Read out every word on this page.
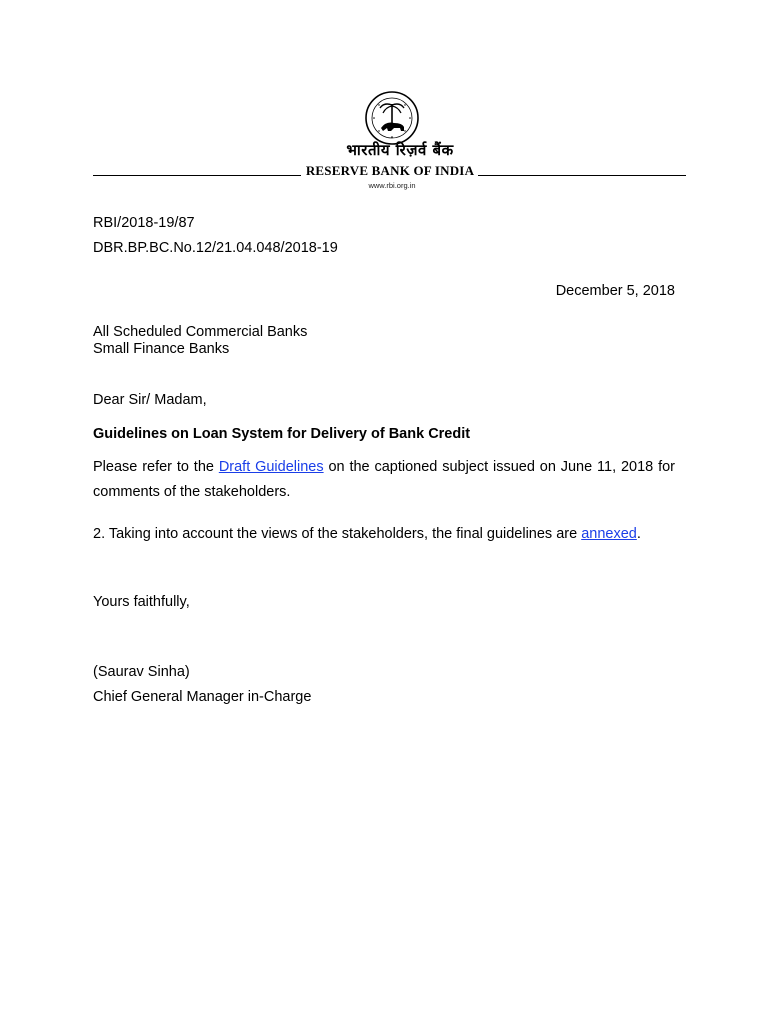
भारतीय रिज़र्व बैंक
RESERVE BANK OF INDIA
www.rbi.org.in
RBI/2018-19/87
DBR.BP.BC.No.12/21.04.048/2018-19
December 5, 2018
All Scheduled Commercial Banks
Small Finance Banks
Dear Sir/ Madam,
Guidelines on Loan System for Delivery of Bank Credit
Please refer to the Draft Guidelines on the captioned subject issued on June 11, 2018 for comments of the stakeholders.
2. Taking into account the views of the stakeholders, the final guidelines are annexed.
Yours faithfully,
(Saurav Sinha)
Chief General Manager in-Charge
